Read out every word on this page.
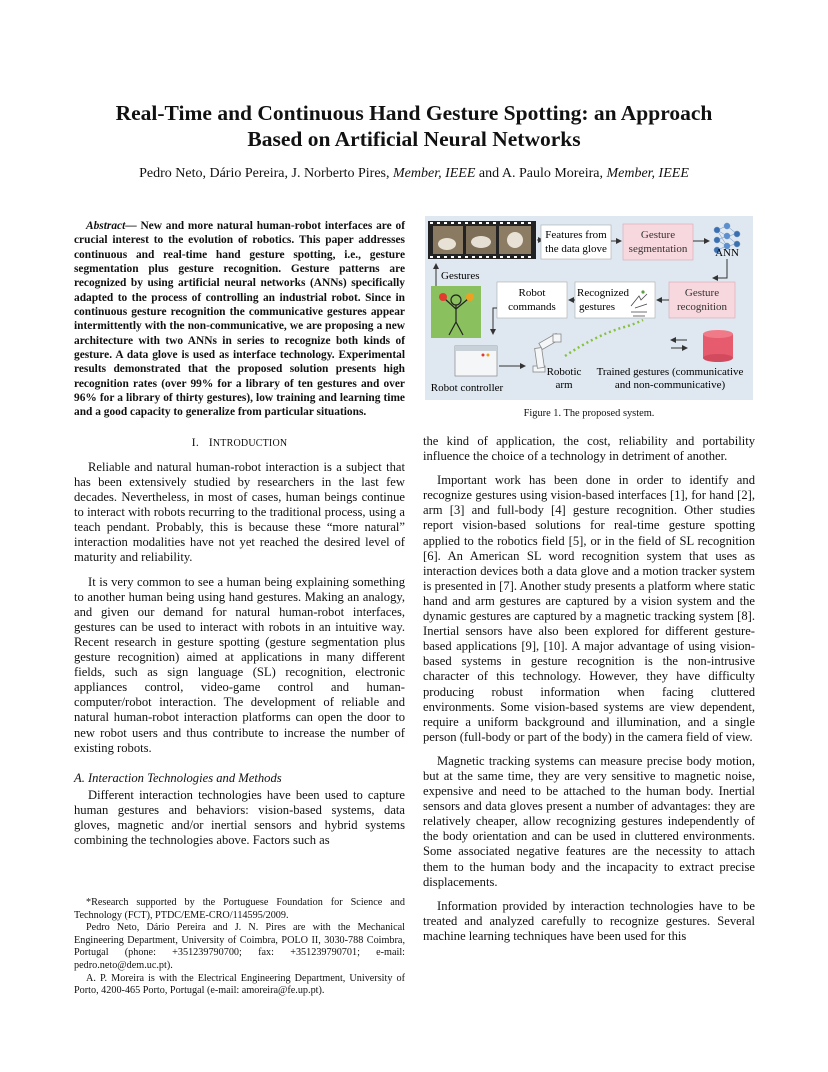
Real-Time and Continuous Hand Gesture Spotting: an Approach
Based on Artificial Neural Networks
Pedro Neto, Dário Pereira, J. Norberto Pires, Member, IEEE and A. Paulo Moreira, Member, IEEE

Abstract— New and more natural human-robot interfaces are of crucial interest to the evolution of robotics. This paper addresses continuous and real-time hand gesture spotting, i.e., gesture segmentation plus gesture recognition. Gesture patterns are recognized by using artificial neural networks (ANNs) specifically adapted to the process of controlling an industrial robot. Since in continuous gesture recognition the communicative gestures appear intermittently with the non-communicative, we are proposing a new architecture with two ANNs in series to recognize both kinds of gesture. A data glove is used as interface technology. Experimental results demonstrated that the proposed solution presents high recognition rates (over 99% for a library of ten gestures and over 96% for a library of thirty gestures), low training and learning time and a good capacity to generalize from particular situations.

I. INTRODUCTION

Reliable and natural human-robot interaction is a subject that has been extensively studied by researchers in the last few decades. Nevertheless, in most of cases, human beings continue to interact with robots recurring to the traditional process, using a teach pendant. Probably, this is because these “more natural” interaction modalities have not yet reached the desired level of maturity and reliability.

It is very common to see a human being explaining something to another human being using hand gestures. Making an analogy, and given our demand for natural human-robot interfaces, gestures can be used to interact with robots in an intuitive way. Recent research in gesture spotting (gesture segmentation plus gesture recognition) aimed at applications in many different fields, such as sign language (SL) recognition, electronic appliances control, video-game control and human-computer/robot interaction. The development of reliable and natural human-robot interaction platforms can open the door to new robot users and thus contribute to increase the number of existing robots.

A. Interaction Technologies and Methods

Different interaction technologies have been used to capture human gestures and behaviors: vision-based systems, data gloves, magnetic and/or inertial sensors and hybrid systems combining the technologies above. Factors such as

*Research supported by the Portuguese Foundation for Science and Technology (FCT), PTDC/EME-CRO/114595/2009.

Pedro Neto, Dário Pereira and J. N. Pires are with the Mechanical Engineering Department, University of Coimbra, POLO II, 3030-788 Coimbra, Portugal (phone: +351239790700; fax: +351239790701; e-mail: pedro.neto@dem.uc.pt).

A. P. Moreira is with the Electrical Engineering Department, University of Porto, 4200-465 Porto, Portugal (e-mail: amoreira@fe.up.pt).

Features from
the data glove
Gesture
segmentation	ANN
Gestures
Robot
commands
Recognized
gestures
Gesture
recognition
Robot controller
Robotic
arm
Trained gestures (communicative
and non-communicative)
Figure 1. The proposed system.

the kind of application, the cost, reliability and portability influence the choice of a technology in detriment of another.

Important work has been done in order to identify and recognize gestures using vision-based interfaces [1], for hand [2], arm [3] and full-body [4] gesture recognition. Other studies report vision-based solutions for real-time gesture spotting applied to the robotics field [5], or in the field of SL recognition [6]. An American SL word recognition system that uses as interaction devices both a data glove and a motion tracker system is presented in [7]. Another study presents a platform where static hand and arm gestures are captured by a vision system and the dynamic gestures are captured by a magnetic tracking system [8]. Inertial sensors have also been explored for different gesture-based applications [9], [10]. A major advantage of using vision-based systems in gesture recognition is the non-intrusive character of this technology. However, they have difficulty producing robust information when facing cluttered environments. Some vision-based systems are view dependent, require a uniform background and illumination, and a single person (full-body or part of the body) in the camera field of view.

Magnetic tracking systems can measure precise body motion, but at the same time, they are very sensitive to magnetic noise, expensive and need to be attached to the human body. Inertial sensors and data gloves present a number of advantages: they are relatively cheaper, allow recognizing gestures independently of the body orientation and can be used in cluttered environments. Some associated negative features are the necessity to attach them to the human body and the incapacity to extract precise displacements.

Information provided by interaction technologies have to be treated and analyzed carefully to recognize gestures. Several machine learning techniques have been used for this
